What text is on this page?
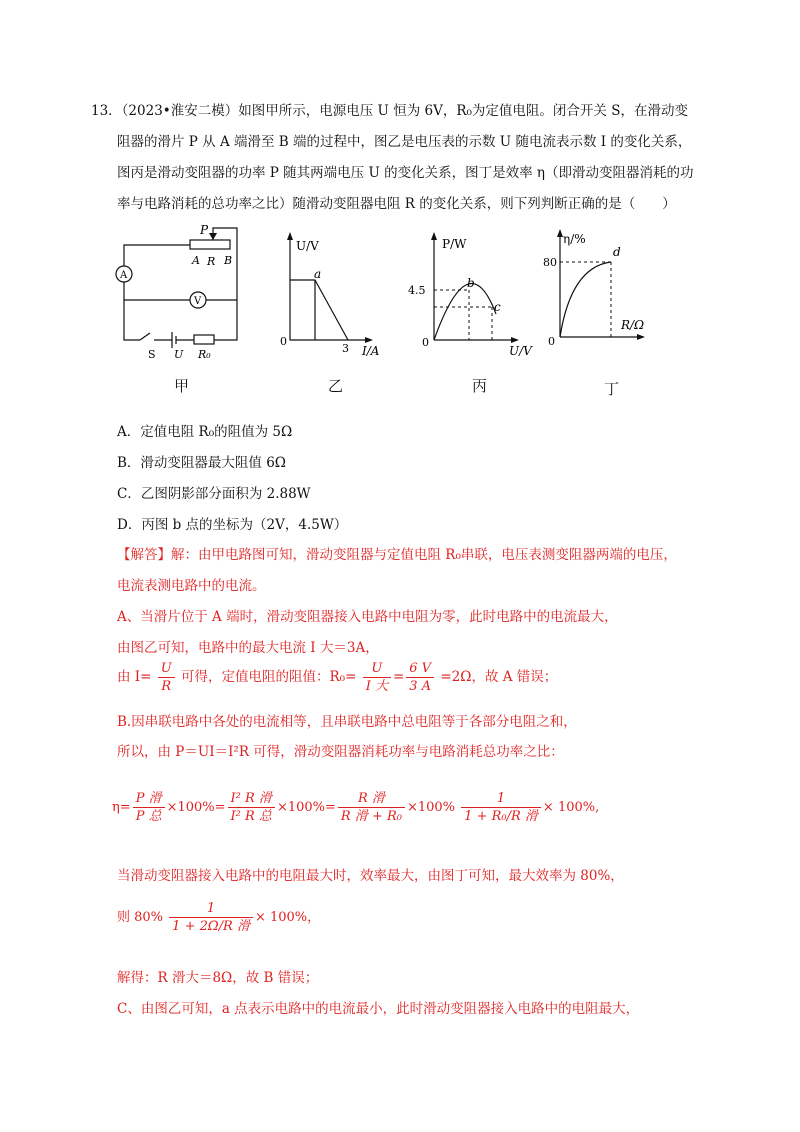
13．（2023•淮安二模）如图甲所示，电源电压 U 恒为 6V，R₀为定值电阻。闭合开关 S，在滑动变

阻器的滑片 P 从 A 端滑至 B 端的过程中，图乙是电压表的示数 U 随电流表示数 I 的变化关系，

图丙是滑动变阻器的功率 P 随其两端电压 U 的变化关系，图丁是效率 η（即滑动变阻器消耗的功

率与电路消耗的总功率之比）随滑动变阻器电阻 R 的变化关系，则下列判断正确的是（　　）

P
A R B
A
V
S U R₀
甲
U/V
a
0
3 I/A
乙
P/W
4.5
b
c
0
U/V
丙
η/%
80
d
0
R/Ω
丁
A．定值电阻 R₀的阻值为 5Ω
B．滑动变阻器最大阻值 6Ω
C．乙图阴影部分面积为 2.88W
D．丙图 b 点的坐标为（2V，4.5W）
【解答】解：由甲电路图可知，滑动变阻器与定值电阻 R₀串联，电压表测变阻器两端的电压，
电流表测电路中的电流。
A、当滑片位于 A 端时，滑动变阻器接入电路中电阻为零，此时电路中的电流最大，
由图乙可知，电路中的最大电流 I 大＝3A，
由 $I= \frac{U}{R}$ 可得，定值电阻的阻值：$R_0= \frac{U}{\text{I 大}} = \frac{6 V}{3 A} =2\Omega$，故 A 错误；
B.因串联电路中各处的电流相等，且串联电路中总电阻等于各部分电阻之和，
所以，由 P＝UI＝I²R 可得，滑动变阻器消耗功率与电路消耗总功率之比：
$\eta= \frac{\text{P 滑}}{\text{P 总}} \times 100\%= \frac{\text{I² R 滑}}{\text{I² R 总}} \times 100\%= \frac{\text{R 滑}}{\text{R 滑 + R₀}} \times 100\% \frac{1}{\text{1 + R₀/R 滑}} \times 100\%$,
当滑动变阻器接入电路中的电阻最大时，效率最大，由图丁可知，最大效率为 80%，
则 $80\% \frac{1}{\text{1 + 2Ω/R 滑}} \times 100\%$，
解得：R 滑大＝8Ω，故 B 错误；
C、由图乙可知，a 点表示电路中的电流最小，此时滑动变阻器接入电路中的电阻最大，
